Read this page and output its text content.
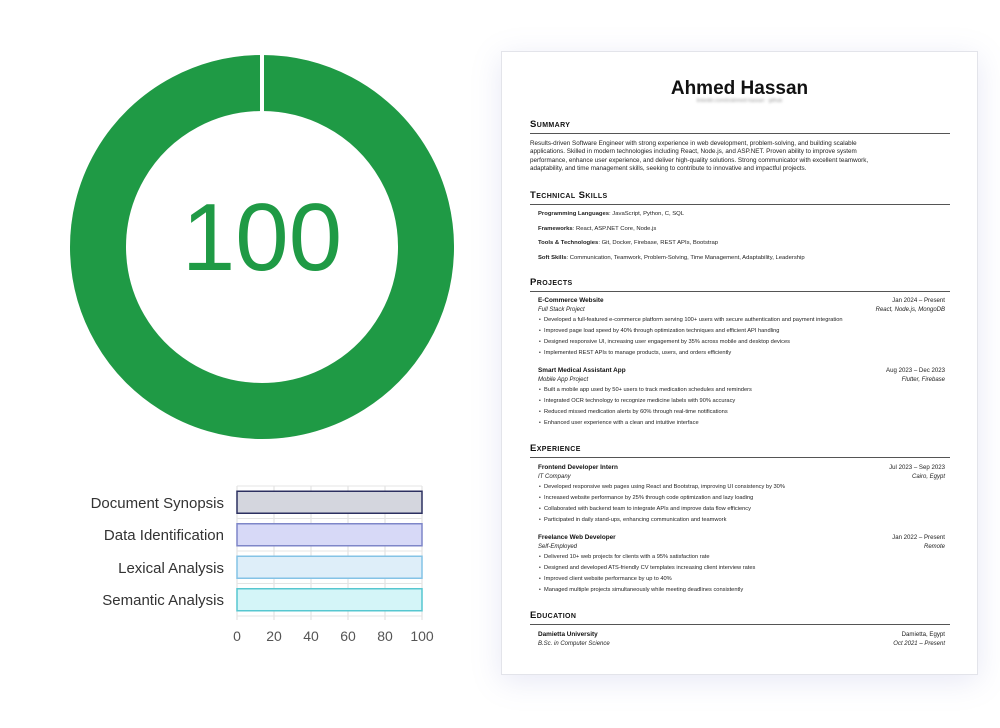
100
Document Synopsis
Data Identification
Lexical Analysis
Semantic Analysis
0	20	40	60	80	100
Ahmed Hassan
linkedin.com/in/ahmed-hassan · github
Summary
Results-driven Software Engineer with strong experience in web development, problem-solving, and building scalable
applications. Skilled in modern technologies including React, Node.js, and ASP.NET. Proven ability to improve system
performance, enhance user experience, and deliver high-quality solutions. Strong communicator with excellent teamwork,
adaptability, and time management skills, seeking to contribute to innovative and impactful projects.
Technical Skills
Programming Languages: JavaScript, Python, C, SQL
Frameworks: React, ASP.NET Core, Node.js
Tools & Technologies: Git, Docker, Firebase, REST APIs, Bootstrap
Soft Skills: Communication, Teamwork, Problem-Solving, Time Management, Adaptability, Leadership
Projects
E-Commerce Website	Jan 2024 – Present
Full Stack Project	React, Node.js, MongoDB
• Developed a full-featured e-commerce platform serving 100+ users with secure authentication and payment integration
• Improved page load speed by 40% through optimization techniques and efficient API handling
• Designed responsive UI, increasing user engagement by 35% across mobile and desktop devices
• Implemented REST APIs to manage products, users, and orders efficiently
Smart Medical Assistant App	Aug 2023 – Dec 2023
Mobile App Project	Flutter, Firebase
• Built a mobile app used by 50+ users to track medication schedules and reminders
• Integrated OCR technology to recognize medicine labels with 90% accuracy
• Reduced missed medication alerts by 60% through real-time notifications
• Enhanced user experience with a clean and intuitive interface
Experience
Frontend Developer Intern	Jul 2023 – Sep 2023
IT Company	Cairo, Egypt
• Developed responsive web pages using React and Bootstrap, improving UI consistency by 30%
• Increased website performance by 25% through code optimization and lazy loading
• Collaborated with backend team to integrate APIs and improve data flow efficiency
• Participated in daily stand-ups, enhancing communication and teamwork
Freelance Web Developer	Jan 2022 – Present
Self-Employed	Remote
• Delivered 10+ web projects for clients with a 95% satisfaction rate
• Designed and developed ATS-friendly CV templates increasing client interview rates
• Improved client website performance by up to 40%
• Managed multiple projects simultaneously while meeting deadlines consistently
Education
Damietta University	Damietta, Egypt
B.Sc. in Computer Science	Oct 2021 – Present
